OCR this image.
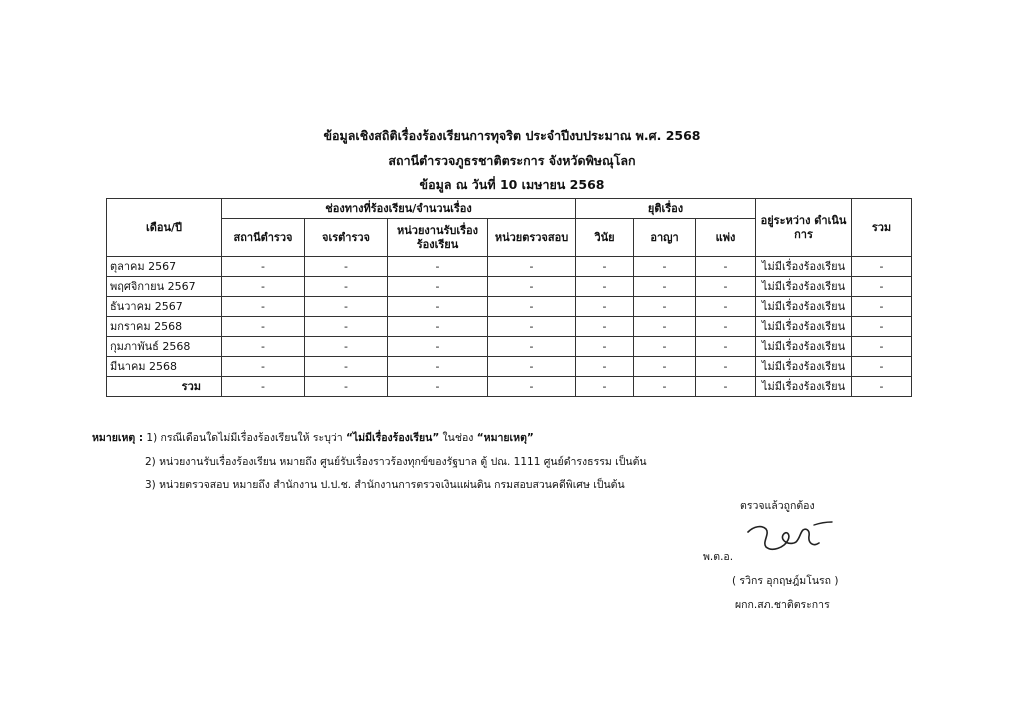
ข้อมูลเชิงสถิติเรื่องร้องเรียนการทุจริต ประจำปีงบประมาณ พ.ศ. 2568
สถานีตำรวจภูธรชาติตระการ จังหวัดพิษณุโลก
ข้อมูล ณ วันที่ 10 เมษายน 2568
เดือน/ปี	ช่องทางที่ร้องเรียน/จำนวนเรื่อง				ยุติเรื่อง			อยู่ระหว่าง ดำเนินการ	รวม
	สถานีตำรวจ	จเรตำรวจ	หน่วยงานรับเรื่อง ร้องเรียน	หน่วยตรวจสอบ	วินัย	อาญา	แพ่ง		
ตุลาคม 2567	-	-	-	-	-	-	-	ไม่มีเรื่องร้องเรียน	-
พฤศจิกายน 2567	-	-	-	-	-	-	-	ไม่มีเรื่องร้องเรียน	-
ธันวาคม 2567	-	-	-	-	-	-	-	ไม่มีเรื่องร้องเรียน	-
มกราคม 2568	-	-	-	-	-	-	-	ไม่มีเรื่องร้องเรียน	-
กุมภาพันธ์ 2568	-	-	-	-	-	-	-	ไม่มีเรื่องร้องเรียน	-
มีนาคม 2568	-	-	-	-	-	-	-	ไม่มีเรื่องร้องเรียน	-
รวม	-	-	-	-	-	-	-	ไม่มีเรื่องร้องเรียน	-
หมายเหตุ : 1) กรณีเดือนใดไม่มีเรื่องร้องเรียนให้ ระบุว่า “ไม่มีเรื่องร้องเรียน” ในช่อง “หมายเหตุ”
2) หน่วยงานรับเรื่องร้องเรียน หมายถึง ศูนย์รับเรื่องราวร้องทุกข์ของรัฐบาล ตู้ ปณ. 1111 ศูนย์ดำรงธรรม เป็นต้น
3) หน่วยตรวจสอบ หมายถึง สำนักงาน ป.ป.ช. สำนักงานการตรวจเงินแผ่นดิน กรมสอบสวนคดีพิเศษ เป็นต้น
ตรวจแล้วถูกต้อง
พ.ต.อ.
( รวิกร อุกฤษฎ์มโนรถ )
ผกก.สภ.ชาติตระการ
